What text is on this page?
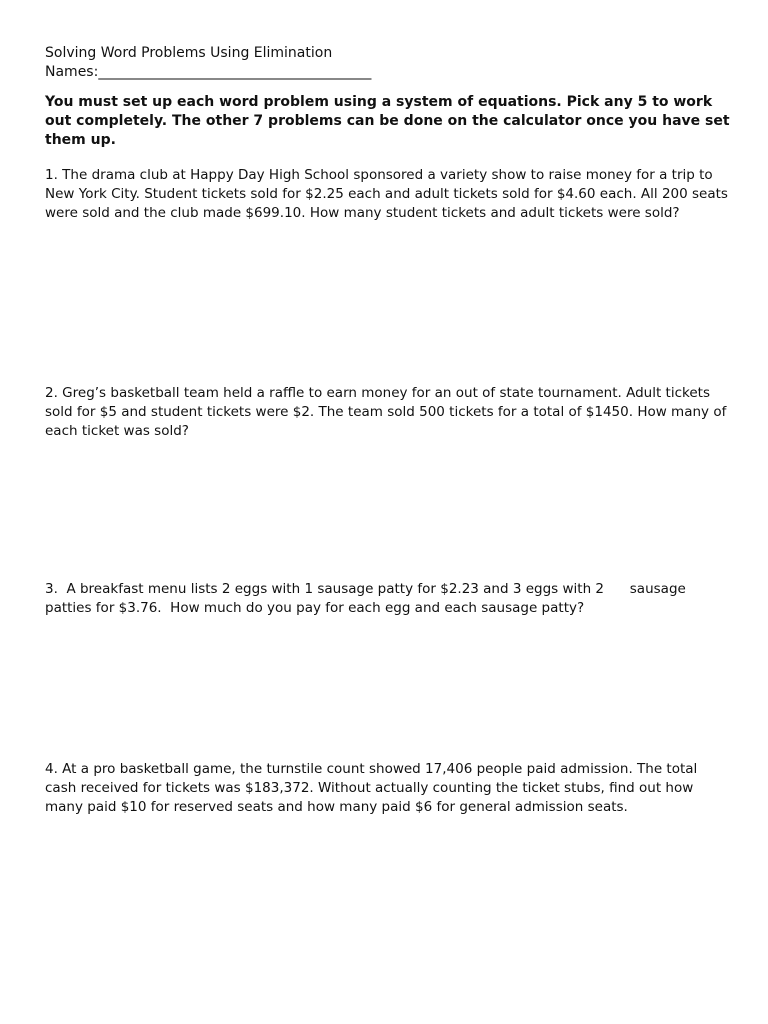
Solving Word Problems Using Elimination

Names:_______________________________________

You must set up each word problem using a system of equations. Pick any 5 to work out completely. The other 7 problems can be done on the calculator once you have set them up.

1. The drama club at Happy Day High School sponsored a variety show to raise money for a trip to New York City. Student tickets sold for $2.25 each and adult tickets sold for $4.60 each. All 200 seats were sold and the club made $699.10. How many student tickets and adult tickets were sold?

2. Greg’s basketball team held a raffle to earn money for an out of state tournament. Adult tickets sold for $5 and student tickets were $2. The team sold 500 tickets for a total of $1450. How many of each ticket was sold?

3.  A breakfast menu lists 2 eggs with 1 sausage patty for $2.23 and 3 eggs with 2      sausage patties for $3.76.  How much do you pay for each egg and each sausage patty?

4. At a pro basketball game, the turnstile count showed 17,406 people paid admission. The total cash received for tickets was $183,372. Without actually counting the ticket stubs, find out how many paid $10 for reserved seats and how many paid $6 for general admission seats.
